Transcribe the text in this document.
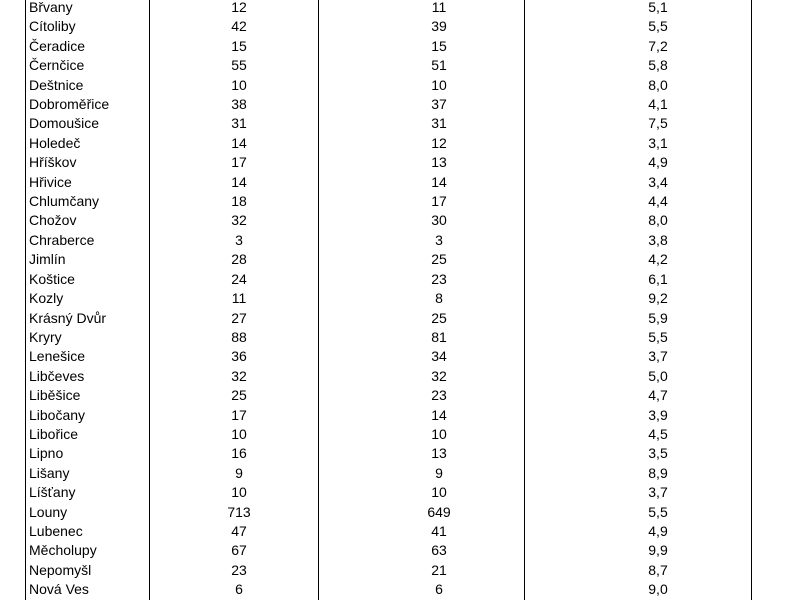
Břvany	12	11	5,1
Cítoliby	42	39	5,5
Čeradice	15	15	7,2
Černčice	55	51	5,8
Deštnice	10	10	8,0
Dobroměřice	38	37	4,1
Domoušice	31	31	7,5
Holedeč	14	12	3,1
Hříškov	17	13	4,9
Hřivice	14	14	3,4
Chlumčany	18	17	4,4
Chožov	32	30	8,0
Chraberce	3	3	3,8
Jimlín	28	25	4,2
Koštice	24	23	6,1
Kozly	11	8	9,2
Krásný Dvůr	27	25	5,9
Kryry	88	81	5,5
Lenešice	36	34	3,7
Libčeves	32	32	5,0
Liběšice	25	23	4,7
Libočany	17	14	3,9
Libořice	10	10	4,5
Lipno	16	13	3,5
Lišany	9	9	8,9
Líšťany	10	10	3,7
Louny	713	649	5,5
Lubenec	47	41	4,9
Měcholupy	67	63	9,9
Nepomyšl	23	21	8,7
Nová Ves	6	6	9,0
